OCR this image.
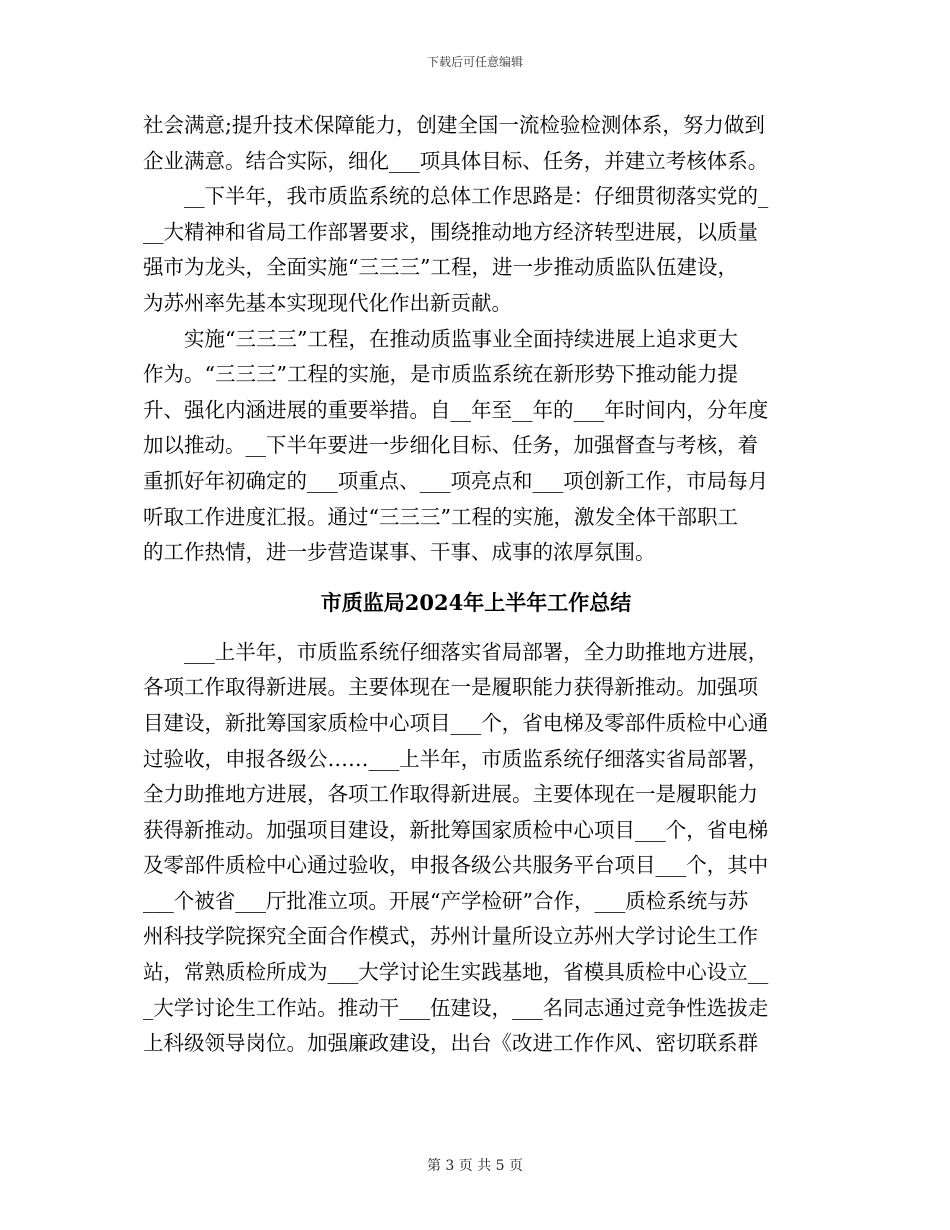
下载后可任意编辑
社会满意;提升技术保障能力，创建全国一流检验检测体系，努力做到
企业满意。结合实际，细化___项具体目标、任务，并建立考核体系。
__下半年，我市质监系统的总体工作思路是：仔细贯彻落实党的_
__大精神和省局工作部署要求，围绕推动地方经济转型进展，以质量
强市为龙头，全面实施“三三三”工程，进一步推动质监队伍建设，
为苏州率先基本实现现代化作出新贡献。
实施“三三三”工程，在推动质监事业全面持续进展上追求更大
作为。“三三三”工程的实施，是市质监系统在新形势下推动能力提
升、强化内涵进展的重要举措。自__年至__年的___年时间内，分年度
加以推动。__下半年要进一步细化目标、任务，加强督查与考核，着
重抓好年初确定的___项重点、___项亮点和___项创新工作，市局每月
听取工作进度汇报。通过“三三三”工程的实施，激发全体干部职工
的工作热情，进一步营造谋事、干事、成事的浓厚氛围。
市质监局2024年上半年工作总结
___上半年，市质监系统仔细落实省局部署，全力助推地方进展，
各项工作取得新进展。主要体现在一是履职能力获得新推动。加强项
目建设，新批筹国家质检中心项目___个，省电梯及零部件质检中心通
过验收，申报各级公……___上半年，市质监系统仔细落实省局部署，
全力助推地方进展，各项工作取得新进展。主要体现在一是履职能力
获得新推动。加强项目建设，新批筹国家质检中心项目___个，省电梯
及零部件质检中心通过验收，申报各级公共服务平台项目___个，其中
___个被省___厅批准立项。开展“产学检研”合作，___质检系统与苏
州科技学院探究全面合作模式，苏州计量所设立苏州大学讨论生工作
站，常熟质检所成为___大学讨论生实践基地，省模具质检中心设立__
_大学讨论生工作站。推动干___伍建设，___名同志通过竞争性选拔走
上科级领导岗位。加强廉政建设，出台《改进工作作风、密切联系群
第 3 页 共 5 页
